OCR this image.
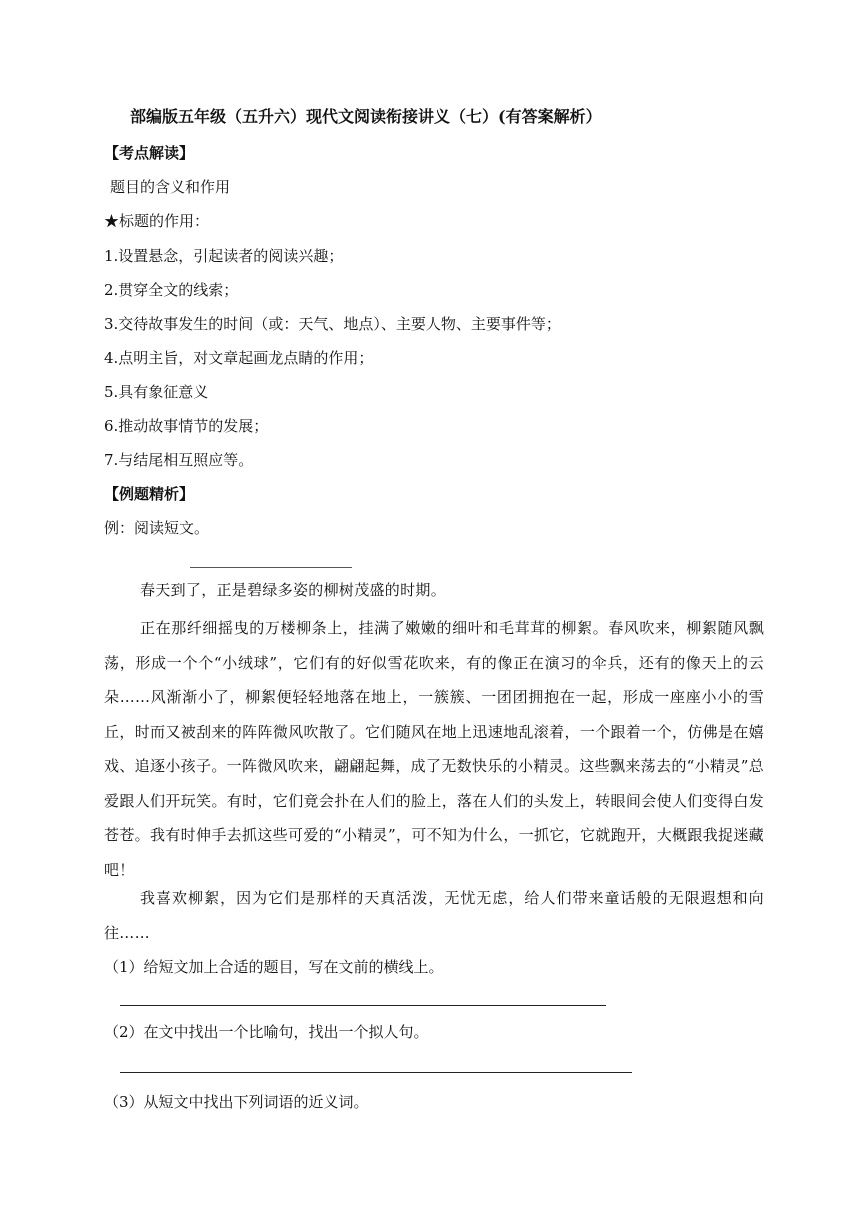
部编版五年级（五升六）现代文阅读衔接讲义（七）(有答案解析）
【考点解读】
题目的含义和作用
★标题的作用：
1.设置悬念，引起读者的阅读兴趣；
2.贯穿全文的线索；
3.交待故事发生的时间（或：天气、地点）、主要人物、主要事件等；
4.点明主旨，对文章起画龙点睛的作用；
5.具有象征意义
6.推动故事情节的发展；
7.与结尾相互照应等。
【例题精析】
例：阅读短文。
春天到了，正是碧绿多姿的柳树茂盛的时期。
正在那纤细摇曳的万楼柳条上，挂满了嫩嫩的细叶和毛茸茸的柳絮。春风吹来，柳絮随风飘荡，形成一个个“小绒球”，它们有的好似雪花吹来，有的像正在演习的伞兵，还有的像天上的云朵……风渐渐小了，柳絮便轻轻地落在地上，一簇簇、一团团拥抱在一起，形成一座座小小的雪丘，时而又被刮来的阵阵微风吹散了。它们随风在地上迅速地乱滚着，一个跟着一个，仿佛是在嬉戏、追逐小孩子。一阵微风吹来，翩翩起舞，成了无数快乐的小精灵。这些飘来荡去的“小精灵”总爱跟人们开玩笑。有时，它们竟会扑在人们的脸上，落在人们的头发上，转眼间会使人们变得白发苍苍。我有时伸手去抓这些可爱的“小精灵”，可不知为什么，一抓它，它就跑开，大概跟我捉迷藏吧！
我喜欢柳絮，因为它们是那样的天真活泼，无忧无虑，给人们带来童话般的无限遐想和向往……
（1）给短文加上合适的题目，写在文前的横线上。
（2）在文中找出一个比喻句，找出一个拟人句。
（3）从短文中找出下列词语的近义词。
